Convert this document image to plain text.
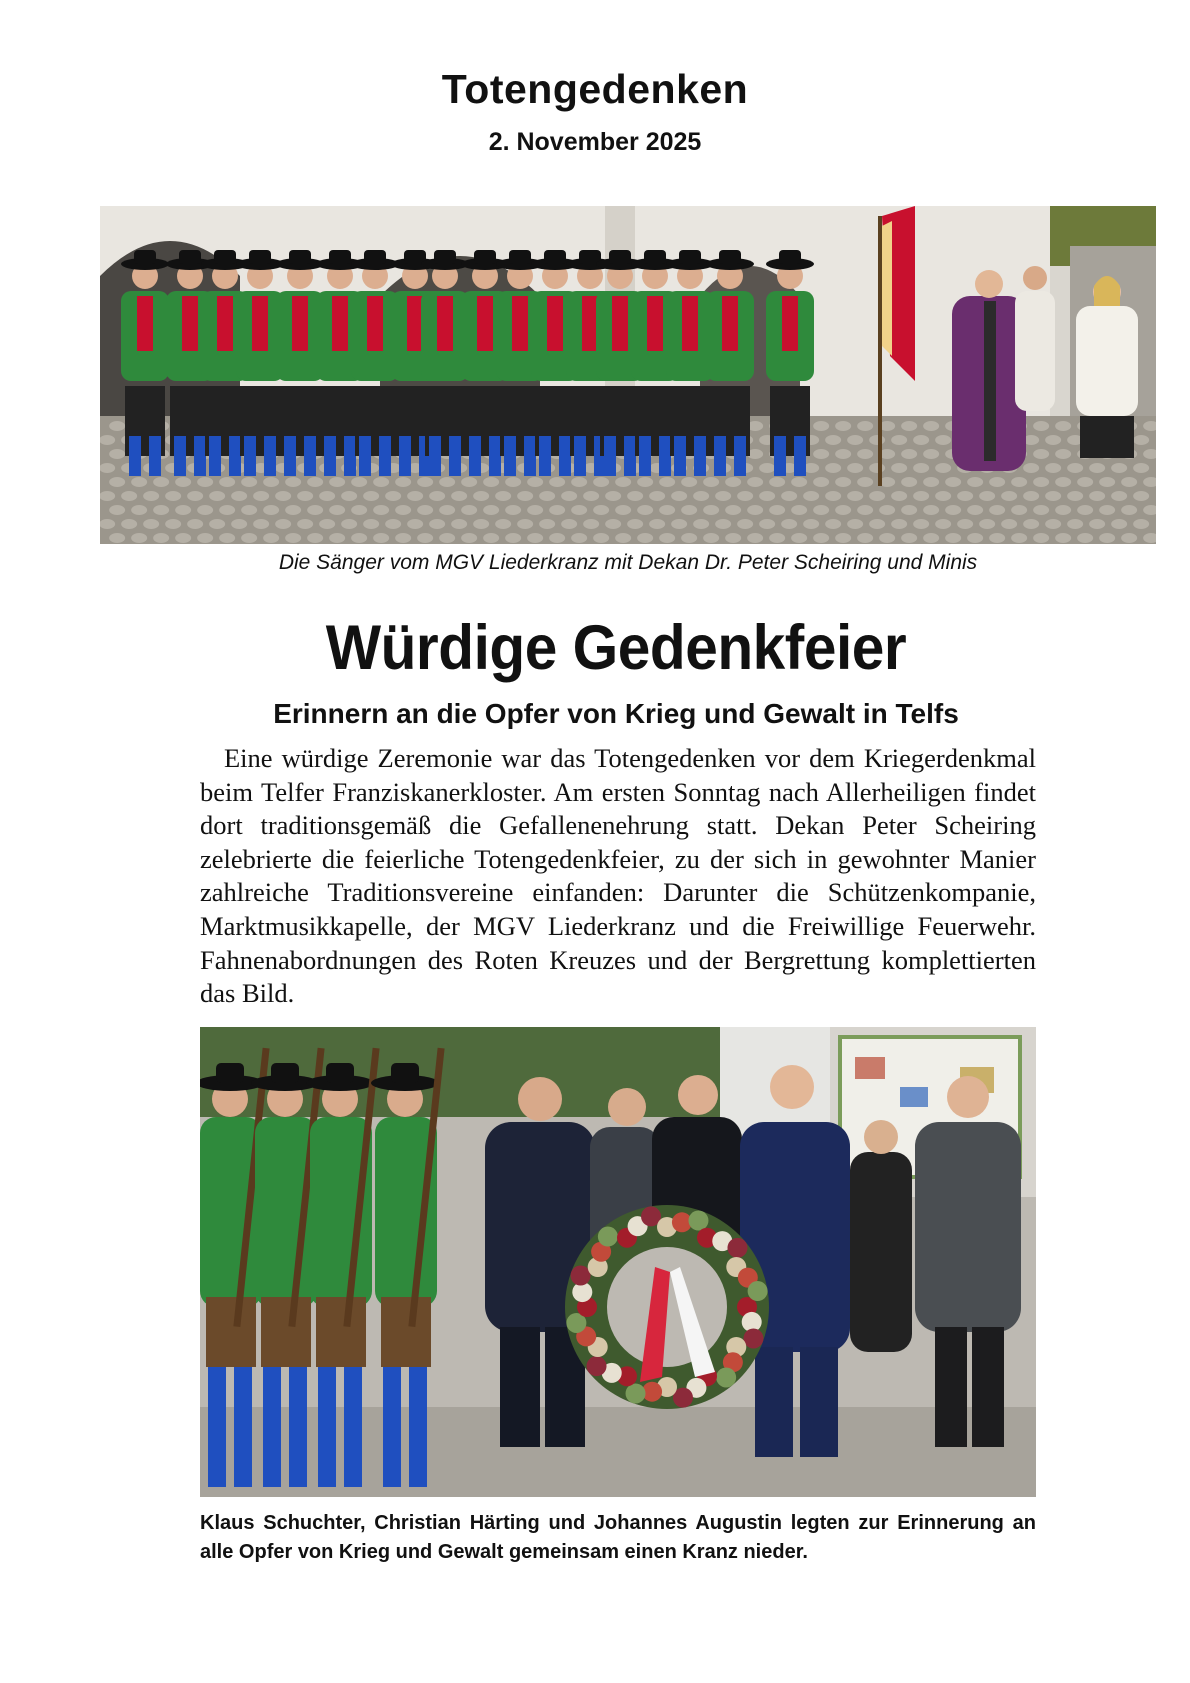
Totengedenken
2. November 2025
Die Sänger vom MGV Liederkranz mit Dekan Dr. Peter Scheiring und Minis
Würdige Gedenkfeier
Erinnern an die Opfer von Krieg und Gewalt in Telfs

Eine würdige Zeremonie war das Totengedenken vor dem Kriegerdenkmal beim Telfer Franziskanerkloster. Am ersten Sonntag nach Allerheiligen findet dort traditionsgemäß die Gefallenenehrung statt. Dekan Peter Scheiring zelebrierte die feierliche Totengedenkfeier, zu der sich in gewohnter Manier zahlreiche Traditionsvereine einfanden: Darunter die Schützenkompanie, Marktmusikkapelle, der MGV Liederkranz und die Freiwillige Feuerwehr. Fahnenabordnungen des Roten Kreuzes und der Bergrettung komplettierten das Bild.

Klaus Schuchter, Christian Härting und Johannes Augustin legten zur Erinnerung an alle Opfer von Krieg und Gewalt gemeinsam einen Kranz nieder.
